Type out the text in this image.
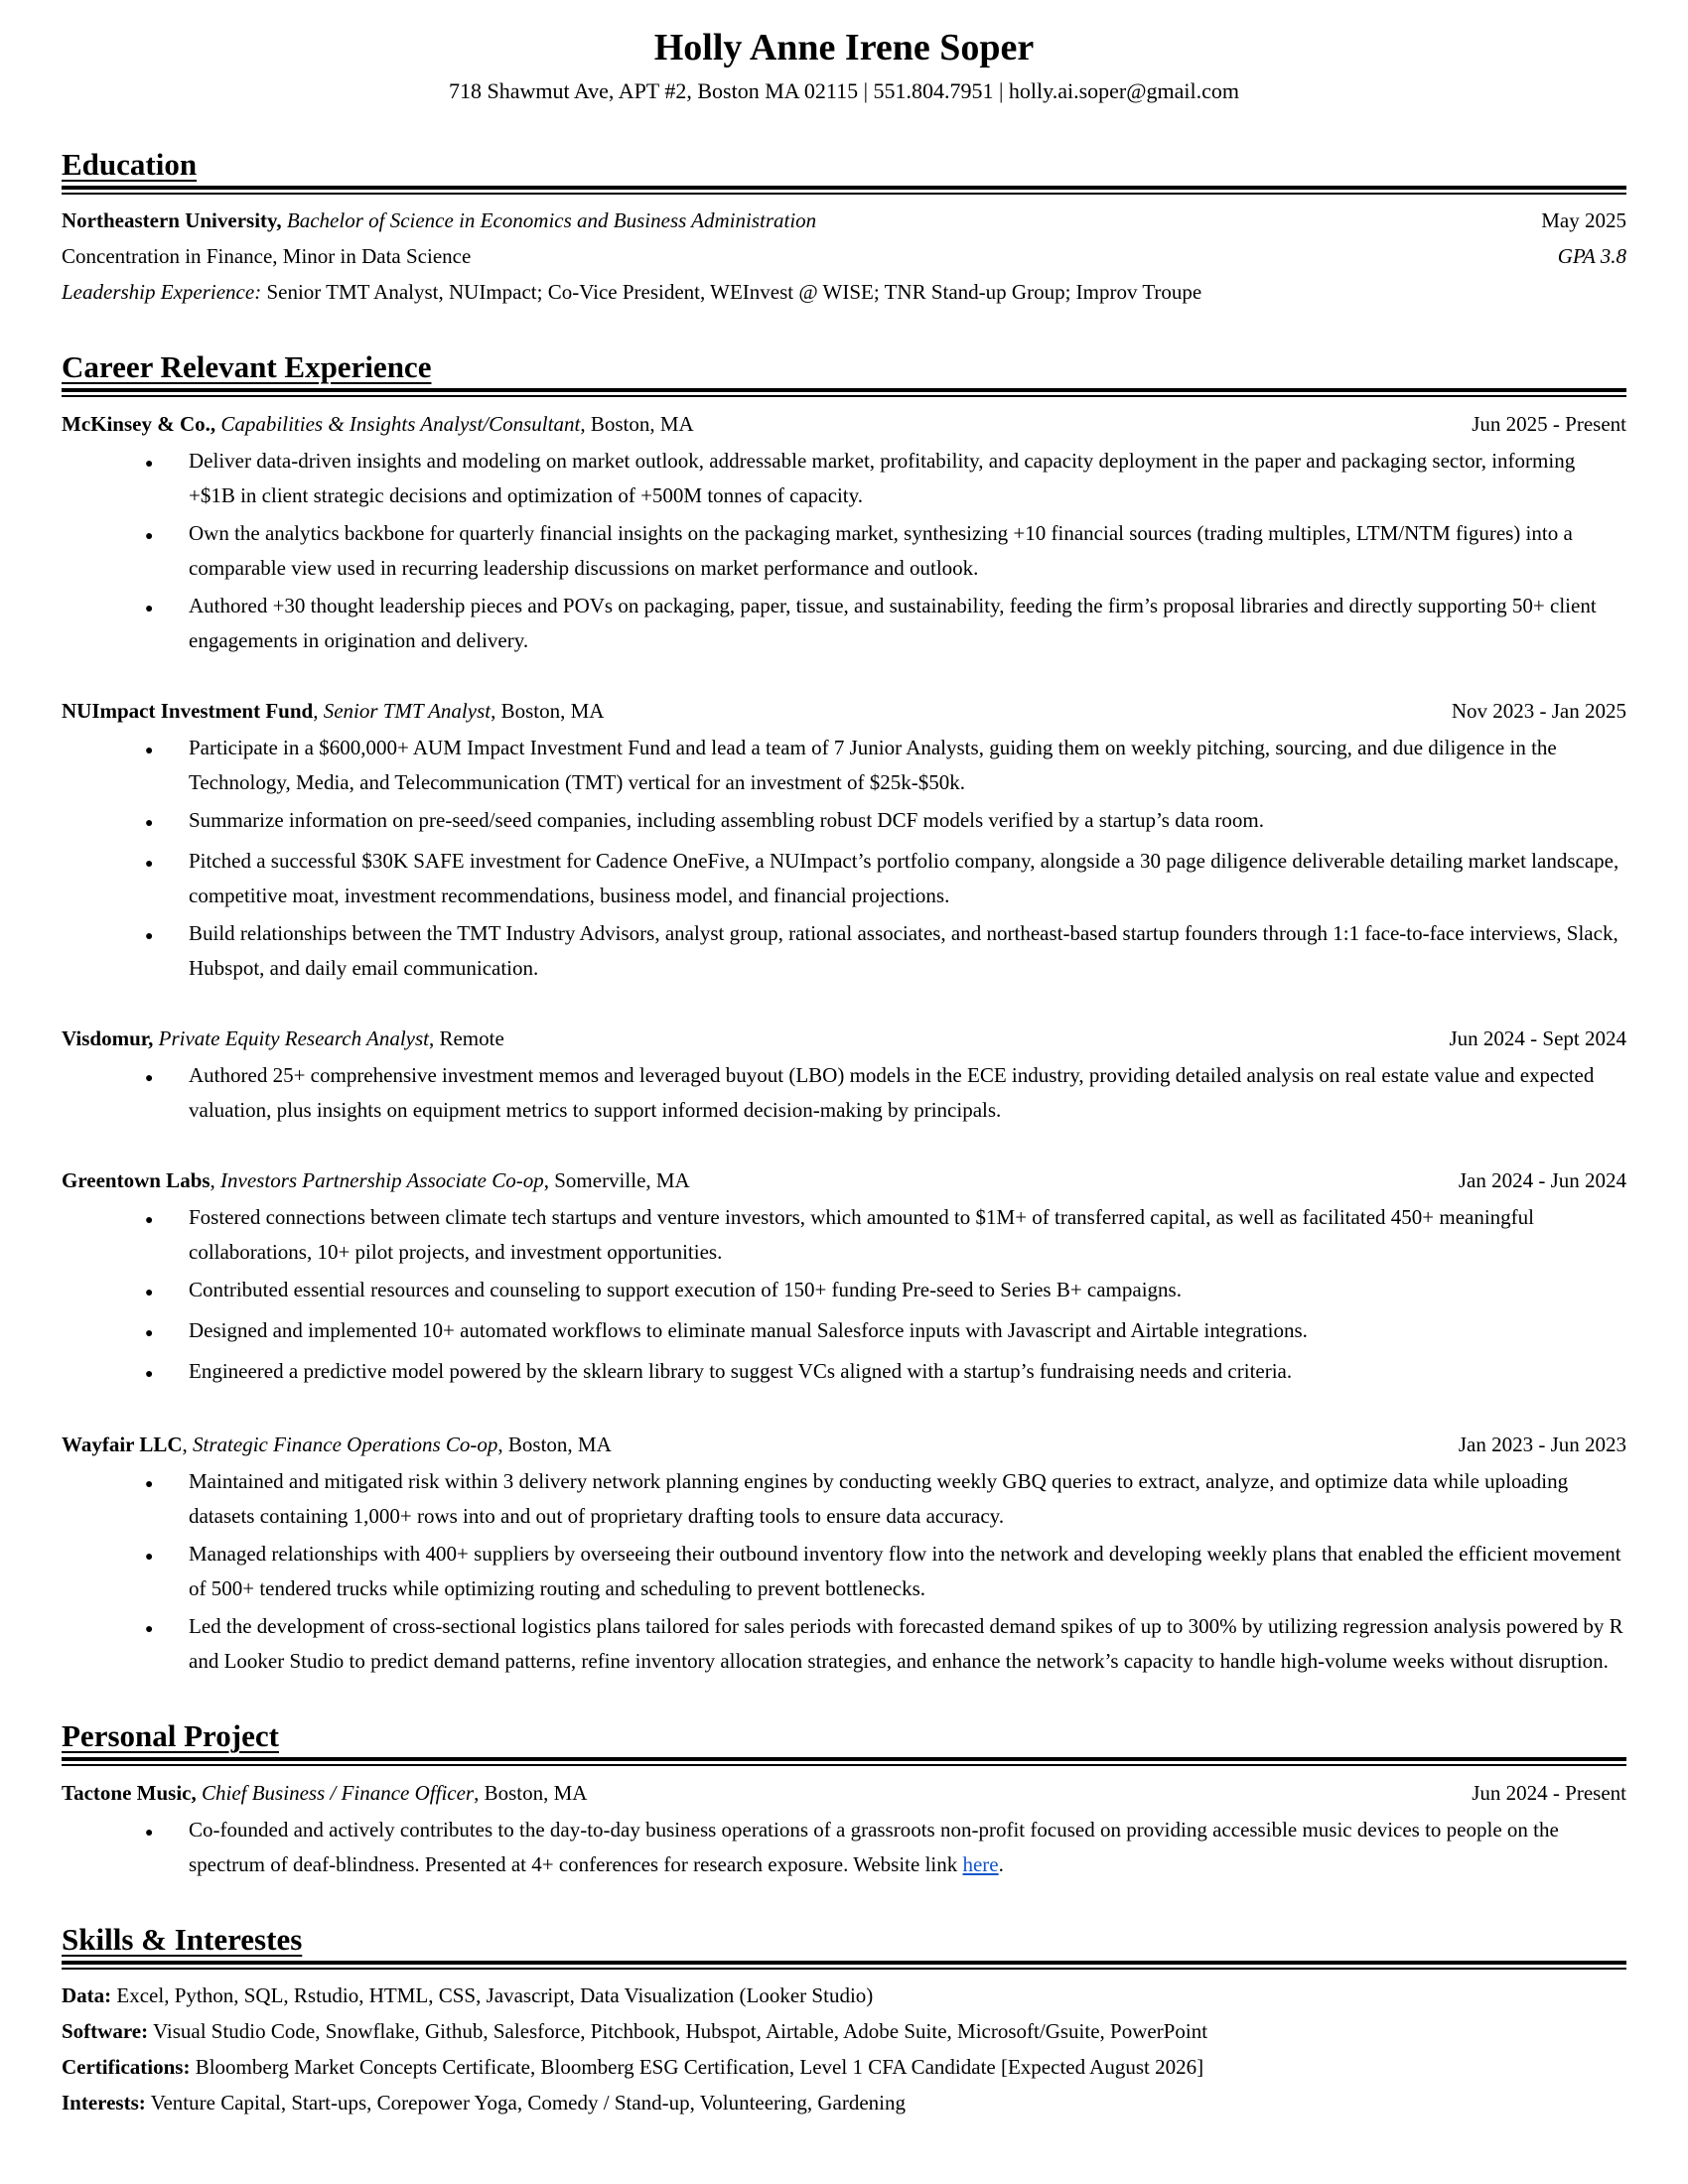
Holly Anne Irene Soper
718 Shawmut Ave, APT #2, Boston MA 02115 | 551.804.7951 | holly.ai.soper@gmail.com
Education
Northeastern University, Bachelor of Science in Economics and Business Administration	May 2025
Concentration in Finance, Minor in Data Science	GPA 3.8
Leadership Experience: Senior TMT Analyst, NUImpact; Co-Vice President, WEInvest @ WISE; TNR Stand-up Group; Improv Troupe
Career Relevant Experience
McKinsey & Co., Capabilities & Insights Analyst/Consultant, Boston, MA	Jun 2025 - Present
●
Deliver data-driven insights and modeling on market outlook, addressable market, profitability, and capacity deployment in the paper and packaging sector, informing +$1B in client strategic decisions and optimization of +500M tonnes of capacity.
●
Own the analytics backbone for quarterly financial insights on the packaging market, synthesizing +10 financial sources (trading multiples, LTM/NTM figures) into a comparable view used in recurring leadership discussions on market performance and outlook.
●
Authored +30 thought leadership pieces and POVs on packaging, paper, tissue, and sustainability, feeding the firm’s proposal libraries and directly supporting 50+ client engagements in origination and delivery.
NUImpact Investment Fund, Senior TMT Analyst, Boston, MA	Nov 2023 - Jan 2025
●
Participate in a $600,000+ AUM Impact Investment Fund and lead a team of 7 Junior Analysts, guiding them on weekly pitching, sourcing, and due diligence in the Technology, Media, and Telecommunication (TMT) vertical for an investment of $25k-$50k.
●
Summarize information on pre-seed/seed companies, including assembling robust DCF models verified by a startup’s data room.
●
Pitched a successful $30K SAFE investment for Cadence OneFive, a NUImpact’s portfolio company, alongside a 30 page diligence deliverable detailing market landscape, competitive moat, investment recommendations, business model, and financial projections.
●
Build relationships between the TMT Industry Advisors, analyst group, rational associates, and northeast-based startup founders through 1:1 face-to-face interviews, Slack, Hubspot, and daily email communication.
Visdomur, Private Equity Research Analyst, Remote	Jun 2024 - Sept 2024
●
Authored 25+ comprehensive investment memos and leveraged buyout (LBO) models in the ECE industry, providing detailed analysis on real estate value and expected valuation, plus insights on equipment metrics to support informed decision-making by principals.
Greentown Labs, Investors Partnership Associate Co-op, Somerville, MA	Jan 2024 - Jun 2024
●
Fostered connections between climate tech startups and venture investors, which amounted to $1M+ of transferred capital, as well as facilitated 450+ meaningful collaborations, 10+ pilot projects, and investment opportunities.
●
Contributed essential resources and counseling to support execution of 150+ funding Pre-seed to Series B+ campaigns.
●
Designed and implemented 10+ automated workflows to eliminate manual Salesforce inputs with Javascript and Airtable integrations.
●
Engineered a predictive model powered by the sklearn library to suggest VCs aligned with a startup’s fundraising needs and criteria.
Wayfair LLC, Strategic Finance Operations Co-op, Boston, MA	Jan 2023 - Jun 2023
●
Maintained and mitigated risk within 3 delivery network planning engines by conducting weekly GBQ queries to extract, analyze, and optimize data while uploading datasets containing 1,000+ rows into and out of proprietary drafting tools to ensure data accuracy.
●
Managed relationships with 400+ suppliers by overseeing their outbound inventory flow into the network and developing weekly plans that enabled the efficient movement of 500+ tendered trucks while optimizing routing and scheduling to prevent bottlenecks.
●
Led the development of cross-sectional logistics plans tailored for sales periods with forecasted demand spikes of up to 300% by utilizing regression analysis powered by R and Looker Studio to predict demand patterns, refine inventory allocation strategies, and enhance the network’s capacity to handle high-volume weeks without disruption.
Personal Project
Tactone Music, Chief Business / Finance Officer, Boston, MA	Jun 2024 - Present
●
Co-founded and actively contributes to the day-to-day business operations of a grassroots non-profit focused on providing accessible music devices to people on the spectrum of deaf-blindness. Presented at 4+ conferences for research exposure. Website link here.
Skills & Interestes
Data: Excel, Python, SQL, Rstudio, HTML, CSS, Javascript, Data Visualization (Looker Studio)
Software: Visual Studio Code, Snowflake, Github, Salesforce, Pitchbook, Hubspot, Airtable, Adobe Suite, Microsoft/Gsuite, PowerPoint
Certifications: Bloomberg Market Concepts Certificate, Bloomberg ESG Certification, Level 1 CFA Candidate [Expected August 2026]
Interests: Venture Capital, Start-ups, Corepower Yoga, Comedy / Stand-up, Volunteering, Gardening
